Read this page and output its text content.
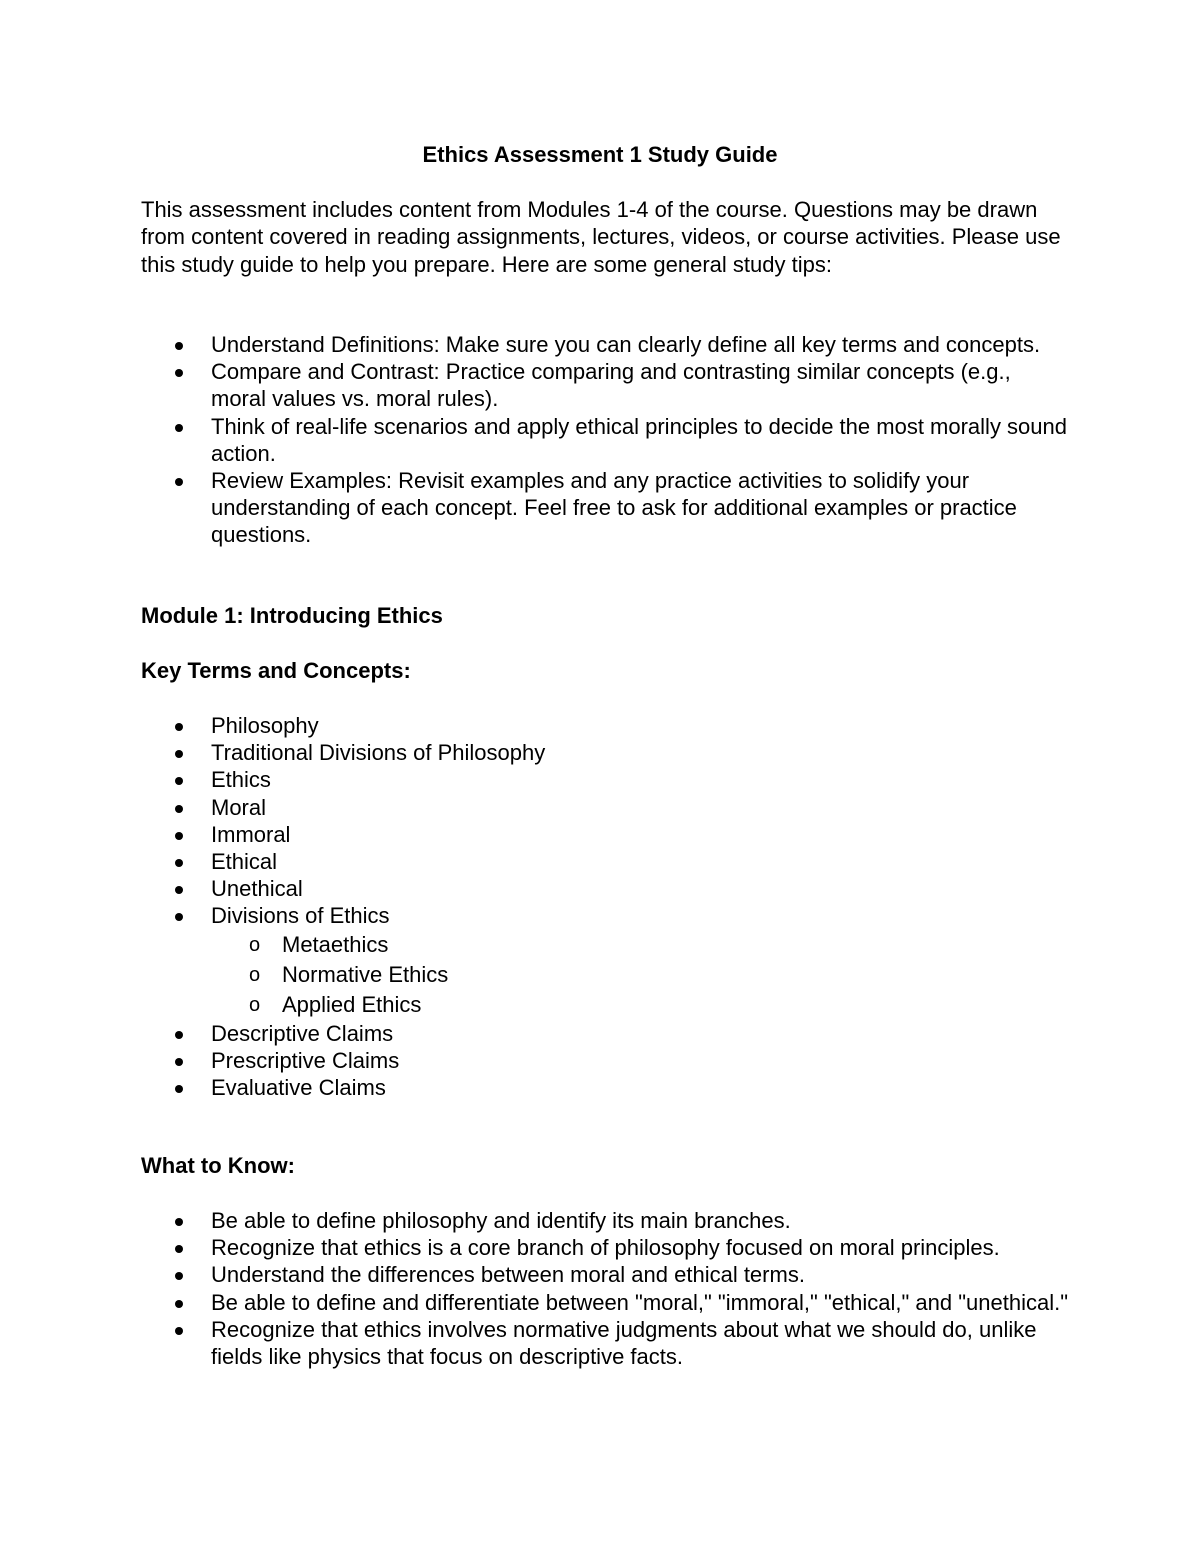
Ethics Assessment 1 Study Guide

This assessment includes content from Modules 1-4 of the course. Questions may be drawn from content covered in reading assignments, lectures, videos, or course activities. Please use this study guide to help you prepare. Here are some general study tips:

Understand Definitions: Make sure you can clearly define all key terms and concepts.
Compare and Contrast: Practice comparing and contrasting similar concepts (e.g., moral values vs. moral rules).
Think of real-life scenarios and apply ethical principles to decide the most morally sound action.
Review Examples: Revisit examples and any practice activities to solidify your understanding of each concept. Feel free to ask for additional examples or practice questions.
Module 1: Introducing Ethics
Key Terms and Concepts:
Philosophy
Traditional Divisions of Philosophy
Ethics
Moral
Immoral
Ethical
Unethical
Divisions of Ethics
o Metaethics
o Normative Ethics
o Applied Ethics
Descriptive Claims
Prescriptive Claims
Evaluative Claims
What to Know:
Be able to define philosophy and identify its main branches.
Recognize that ethics is a core branch of philosophy focused on moral principles.
Understand the differences between moral and ethical terms.
Be able to define and differentiate between "moral," "immoral," "ethical," and "unethical."
Recognize that ethics involves normative judgments about what we should do, unlike fields like physics that focus on descriptive facts.
